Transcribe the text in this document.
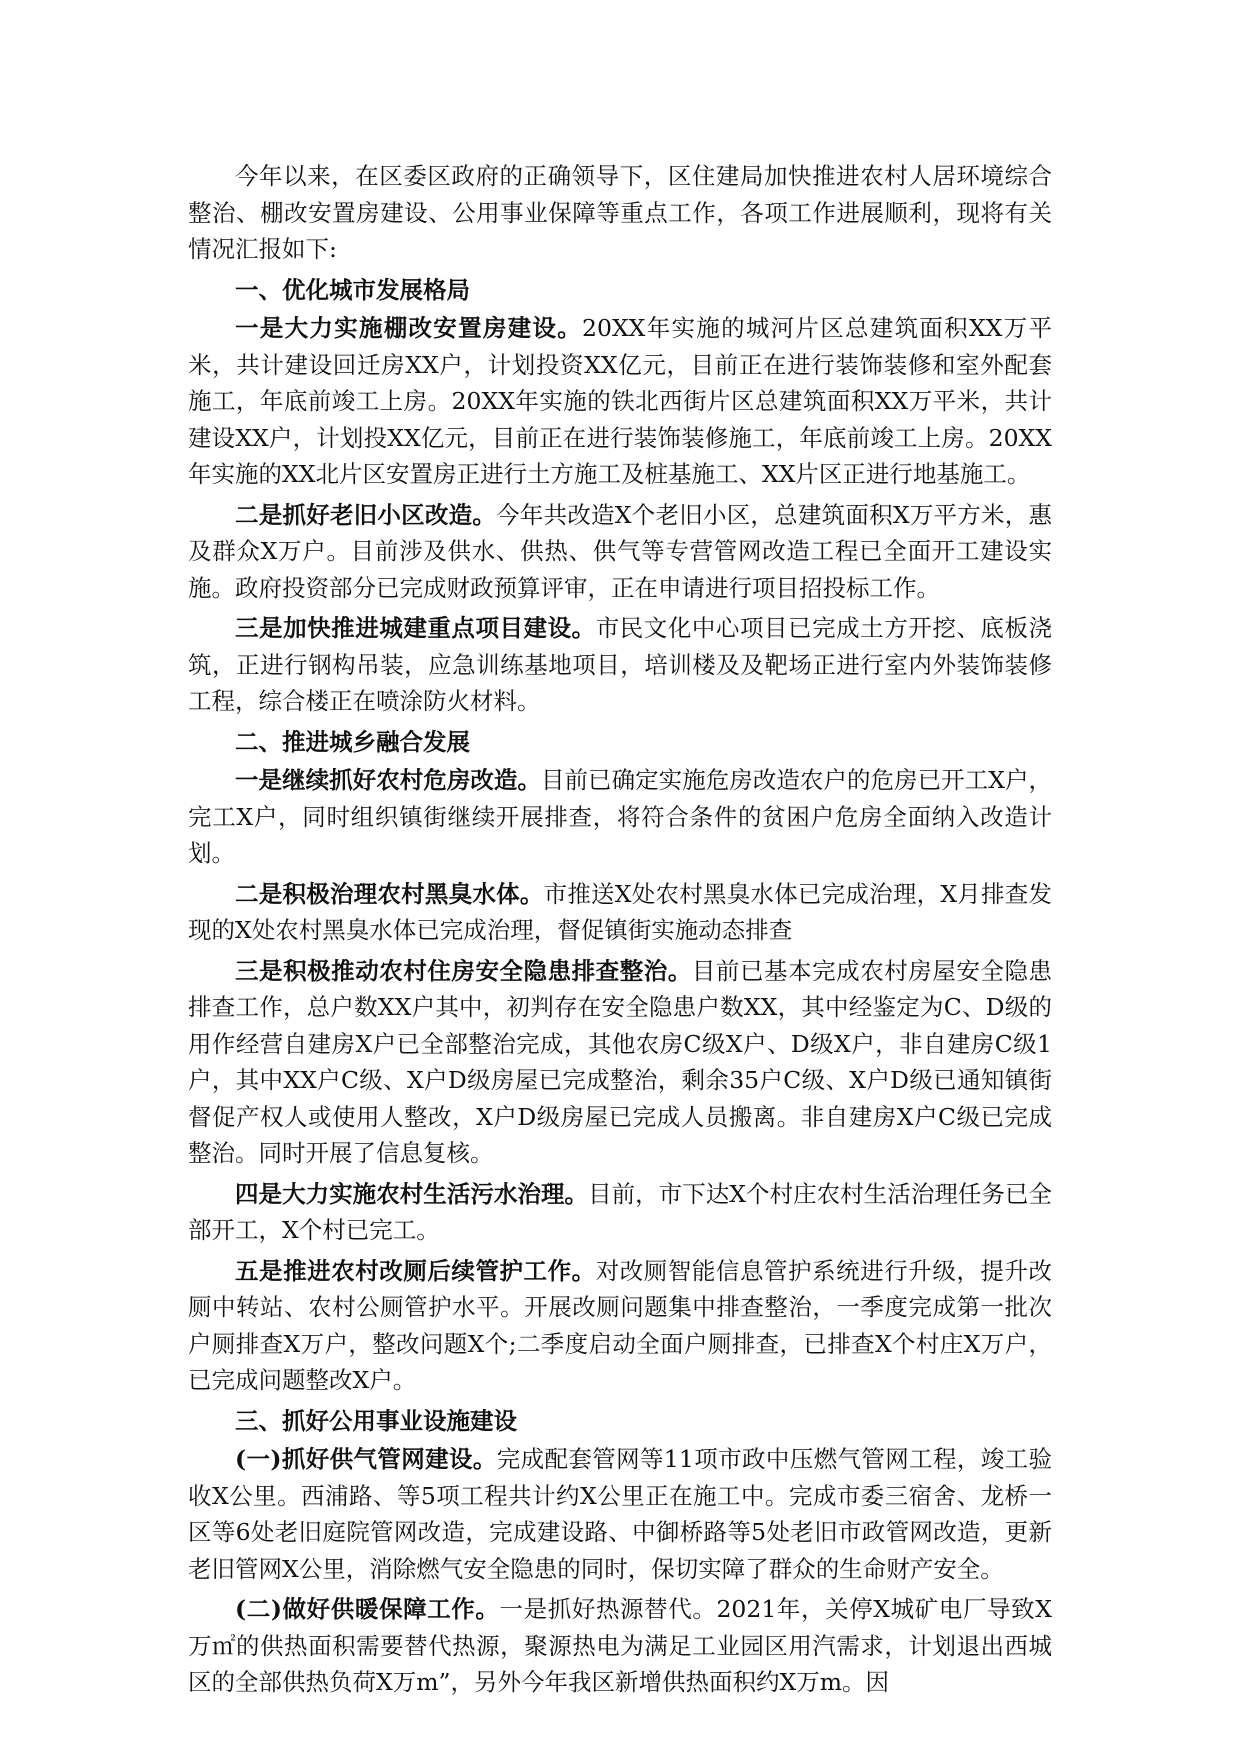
今年以来，在区委区政府的正确领导下，区住建局加快推进农村人居环境综合整治、棚改安置房建设、公用事业保障等重点工作，各项工作进展顺利，现将有关情况汇报如下:

一、优化城市发展格局

一是大力实施棚改安置房建设。20XX年实施的城河片区总建筑面积XX万平米，共计建设回迁房XX户，计划投资XX亿元，目前正在进行装饰装修和室外配套施工，年底前竣工上房。20XX年实施的铁北西街片区总建筑面积XX万平米，共计建设XX户，计划投XX亿元，目前正在进行装饰装修施工，年底前竣工上房。20XX年实施的XX北片区安置房正进行土方施工及桩基施工、XX片区正进行地基施工。

二是抓好老旧小区改造。今年共改造X个老旧小区，总建筑面积X万平方米，惠及群众X万户。目前涉及供水、供热、供气等专营管网改造工程已全面开工建设实施。政府投资部分已完成财政预算评审，正在申请进行项目招投标工作。

三是加快推进城建重点项目建设。市民文化中心项目已完成土方开挖、底板浇筑，正进行钢构吊装，应急训练基地项目，培训楼及及靶场正进行室内外装饰装修工程，综合楼正在喷涂防火材料。

二、推进城乡融合发展

一是继续抓好农村危房改造。目前已确定实施危房改造农户的危房已开工X户，完工X户，同时组织镇街继续开展排查，将符合条件的贫困户危房全面纳入改造计划。

二是积极治理农村黑臭水体。市推送X处农村黑臭水体已完成治理，X月排查发现的X处农村黑臭水体已完成治理，督促镇街实施动态排查

三是积极推动农村住房安全隐患排查整治。目前已基本完成农村房屋安全隐患排查工作，总户数XX户其中，初判存在安全隐患户数XX，其中经鉴定为C、D级的用作经营自建房X户已全部整治完成，其他农房C级X户、D级X户，非自建房C级1户，其中XX户C级、X户D级房屋已完成整治，剩余35户C级、X户D级已通知镇街督促产权人或使用人整改，X户D级房屋已完成人员搬离。非自建房X户C级已完成整治。同时开展了信息复核。

四是大力实施农村生活污水治理。目前，市下达X个村庄农村生活治理任务已全部开工，X个村已完工。

五是推进农村改厕后续管护工作。对改厕智能信息管护系统进行升级，提升改厕中转站、农村公厕管护水平。开展改厕问题集中排查整治，一季度完成第一批次户厕排查X万户，整改问题X个;二季度启动全面户厕排查，已排查X个村庄X万户，已完成问题整改X户。

三、抓好公用事业设施建设

(一)抓好供气管网建设。完成配套管网等11项市政中压燃气管网工程，竣工验收X公里。西浦路、等5项工程共计约X公里正在施工中。完成市委三宿舍、龙桥一区等6处老旧庭院管网改造，完成建设路、中御桥路等5处老旧市政管网改造，更新老旧管网X公里，消除燃气安全隐患的同时，保切实障了群众的生命财产安全。

(二)做好供暖保障工作。一是抓好热源替代。2021年，关停X城矿电厂导致X万㎡的供热面积需要替代热源，聚源热电为满足工业园区用汽需求，计划退出西城区的全部供热负荷X万m”，另外今年我区新增供热面积约X万m。因
